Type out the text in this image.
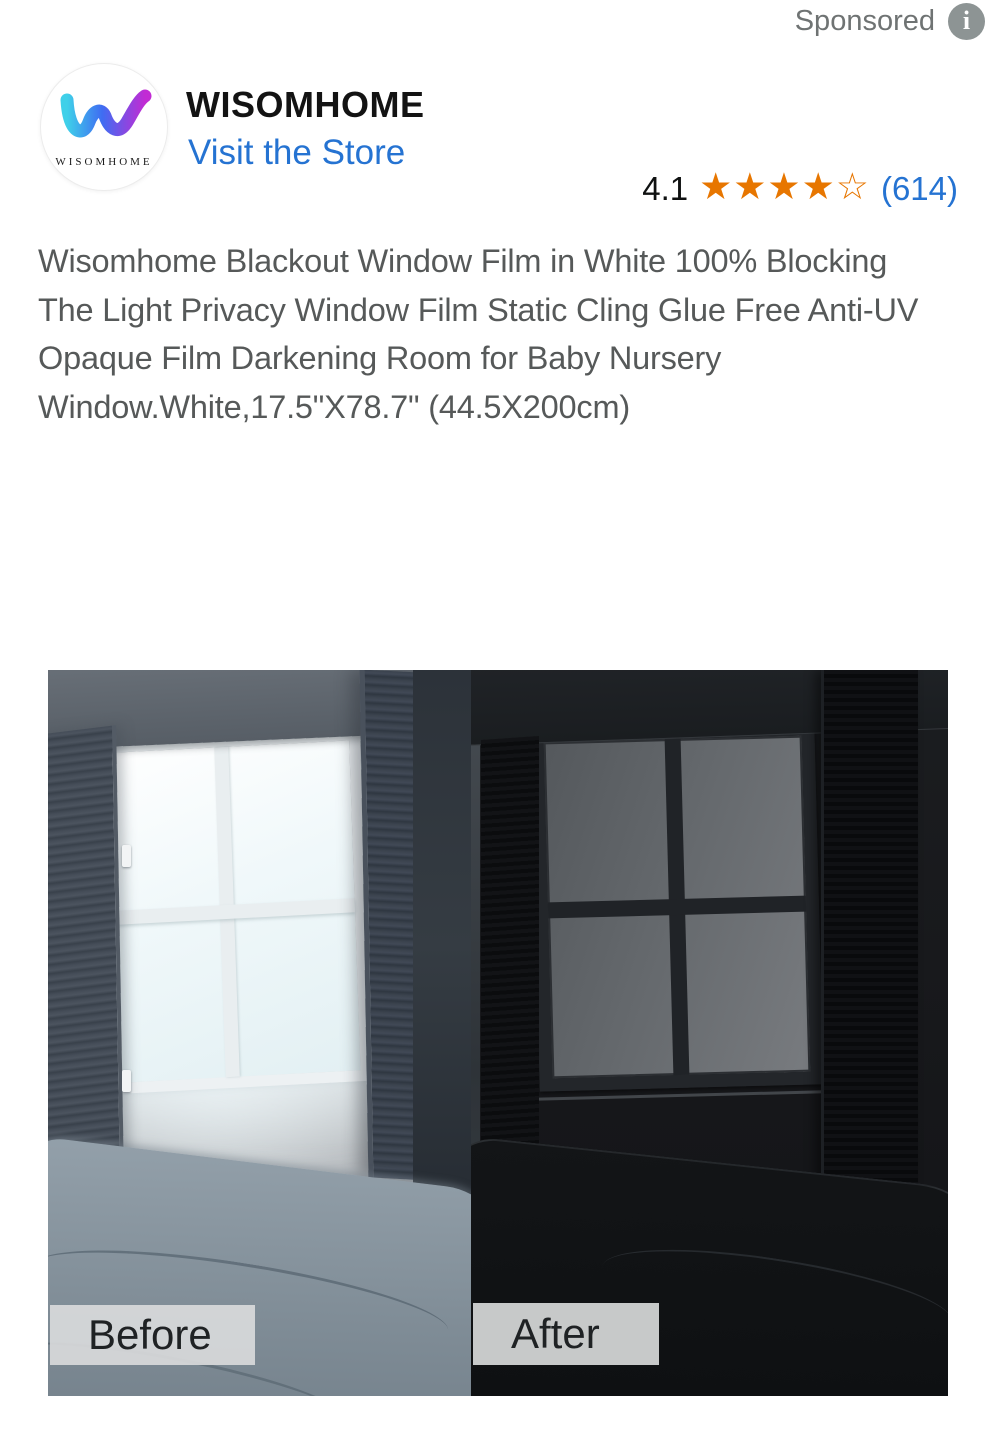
Sponsored i
WISOMHOME
WISOMHOME
Visit the Store
4.1 ★★★★☆ (614)
Wisomhome Blackout Window Film in White 100% Blocking The Light Privacy Window Film Static Cling Glue Free Anti-UV Opaque Film Darkening Room for Baby Nursery Window.White,17.5"X78.7" (44.5X200cm)
Before	After
